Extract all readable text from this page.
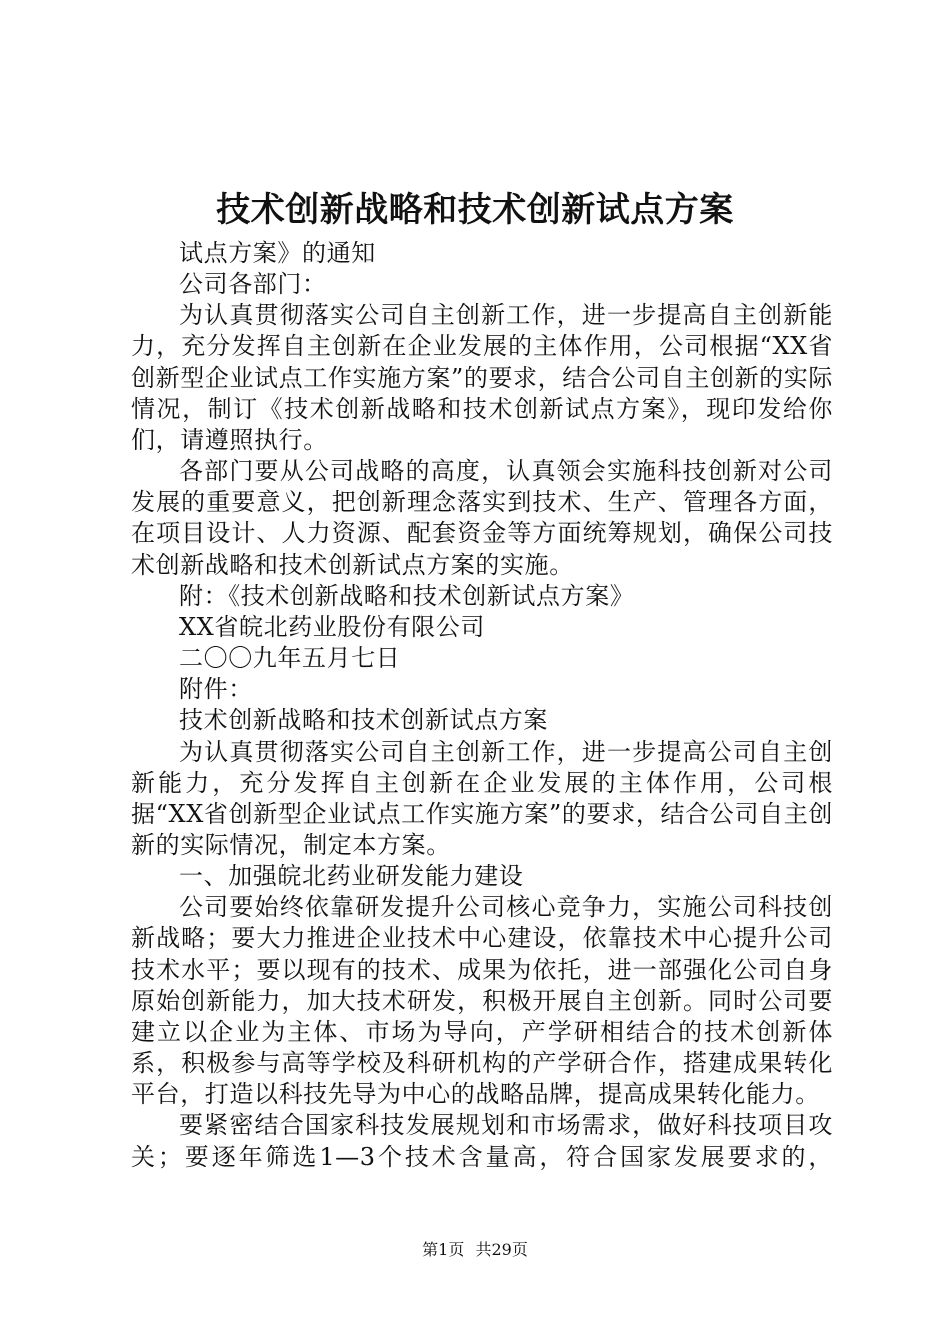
技术创新战略和技术创新试点方案

试点方案》的通知

公司各部门：

为认真贯彻落实公司自主创新工作，进一步提高自主创新能力，充分发挥自主创新在企业发展的主体作用，公司根据“XX省创新型企业试点工作实施方案”的要求，结合公司自主创新的实际情况，制订《技术创新战略和技术创新试点方案》，现印发给你们，请遵照执行。

各部门要从公司战略的高度，认真领会实施科技创新对公司发展的重要意义，把创新理念落实到技术、生产、管理各方面，在项目设计、人力资源、配套资金等方面统筹规划，确保公司技术创新战略和技术创新试点方案的实施。

附：《技术创新战略和技术创新试点方案》

XX省皖北药业股份有限公司

二〇〇九年五月七日

附件：

技术创新战略和技术创新试点方案

为认真贯彻落实公司自主创新工作，进一步提高公司自主创新能力，充分发挥自主创新在企业发展的主体作用，公司根据“XX省创新型企业试点工作实施方案”的要求，结合公司自主创新的实际情况，制定本方案。

一、加强皖北药业研发能力建设

公司要始终依靠研发提升公司核心竞争力，实施公司科技创新战略；要大力推进企业技术中心建设，依靠技术中心提升公司技术水平；要以现有的技术、成果为依托，进一部强化公司自身原始创新能力，加大技术研发，积极开展自主创新。同时公司要建立以企业为主体、市场为导向，产学研相结合的技术创新体系，积极参与高等学校及科研机构的产学研合作，搭建成果转化平台，打造以科技先导为中心的战略品牌，提高成果转化能力。

要紧密结合国家科技发展规划和市场需求，做好科技项目攻关；要逐年筛选1—3个技术含量高，符合国家发展要求的，

第1页 共29页
